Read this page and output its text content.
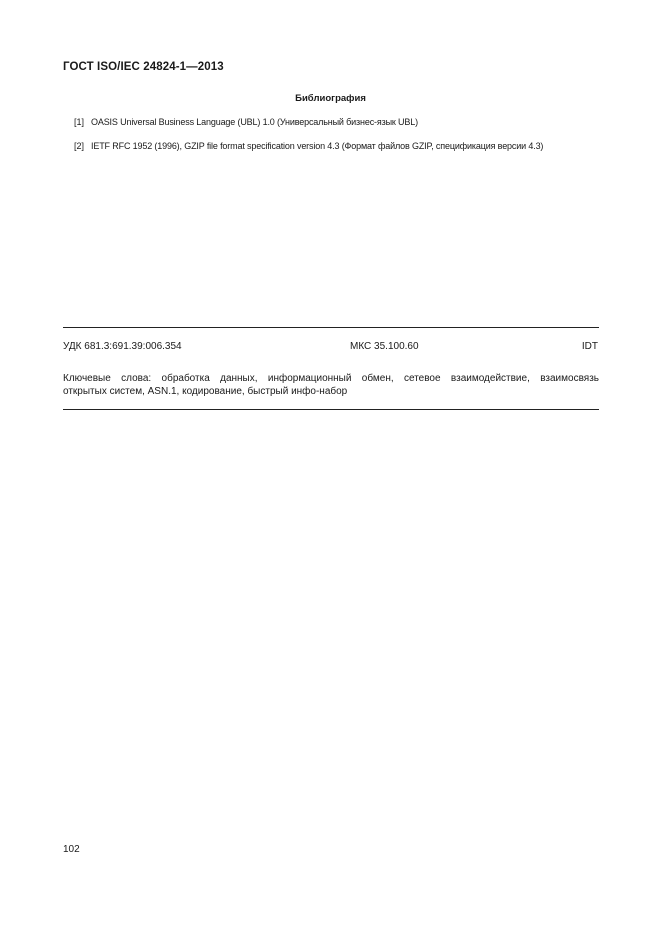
ГОСТ ISO/IEC 24824-1—2013
Библиография
[1] OASIS Universal Business Language (UBL) 1.0 (Универсальный бизнес-язык UBL)
[2] IETF RFC 1952 (1996), GZIP file format specification version 4.3 (Формат файлов GZIP, спецификация версии 4.3)
УДК 681.3:691.39:006.354	МКС 35.100.60	IDT
Ключевые слова: обработка данных, информационный обмен, сетевое взаимодействие, взаимосвязь
открытых систем, ASN.1, кодирование, быстрый инфо-набор
102
